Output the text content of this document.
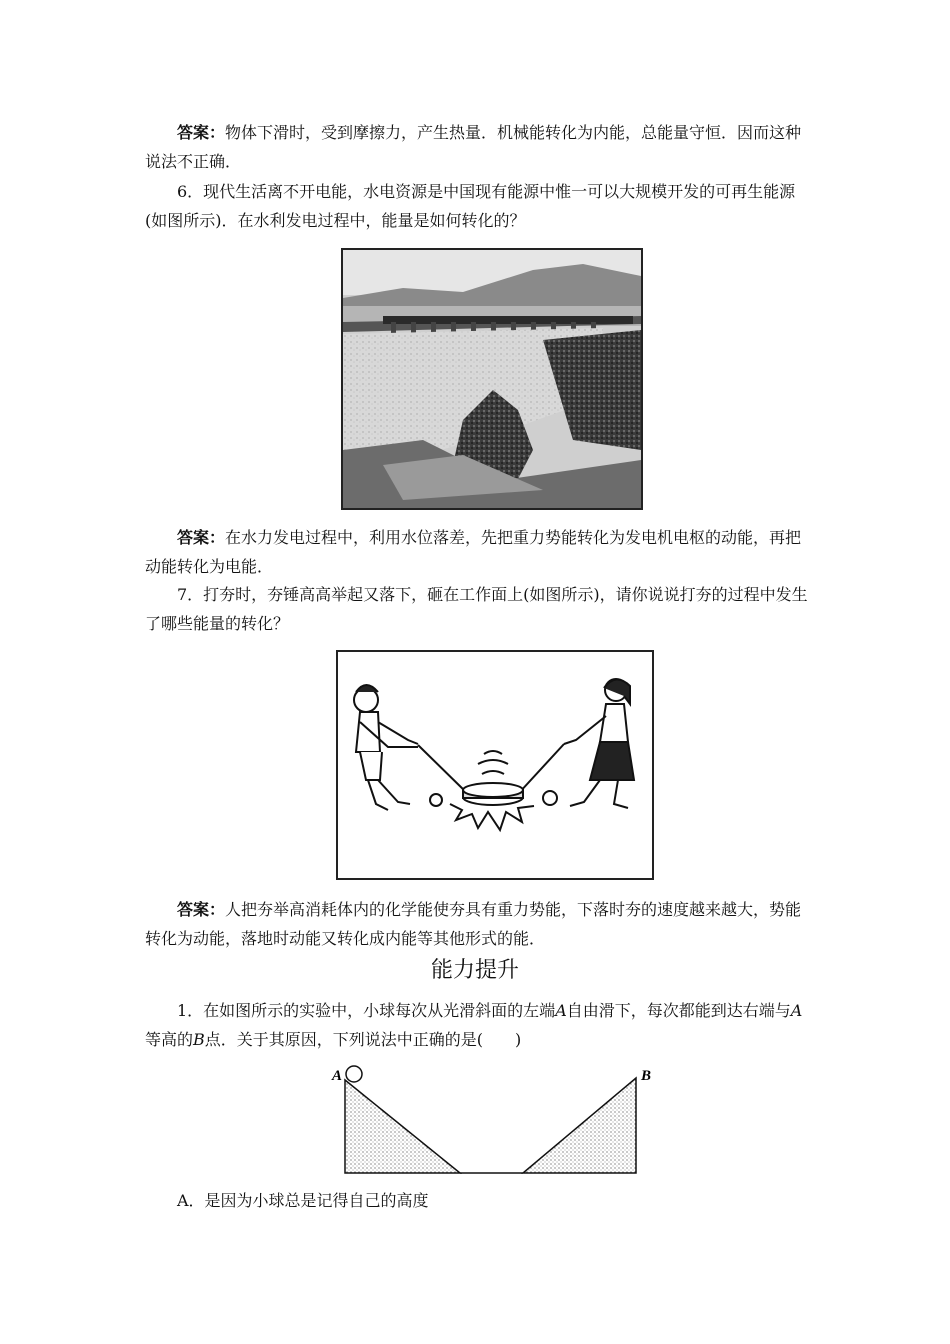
答案：物体下滑时，受到摩擦力，产生热量．机械能转化为内能，总能量守恒．因而这种说法不正确．

6．现代生活离不开电能，水电资源是中国现有能源中惟一可以大规模开发的可再生能源(如图所示)．在水利发电过程中，能量是如何转化的？

答案：在水力发电过程中，利用水位落差，先把重力势能转化为发电机电枢的动能，再把动能转化为电能．

7．打夯时，夯锤高高举起又落下，砸在工作面上(如图所示)，请你说说打夯的过程中发生了哪些能量的转化？

答案：人把夯举高消耗体内的化学能使夯具有重力势能，下落时夯的速度越来越大，势能转化为动能，落地时动能又转化成内能等其他形式的能．

能力提升

1．在如图所示的实验中，小球每次从光滑斜面的左端A自由滑下，每次都能到达右端与A等高的B点．关于其原因，下列说法中正确的是(　　)

A	B

A．是因为小球总是记得自己的高度
